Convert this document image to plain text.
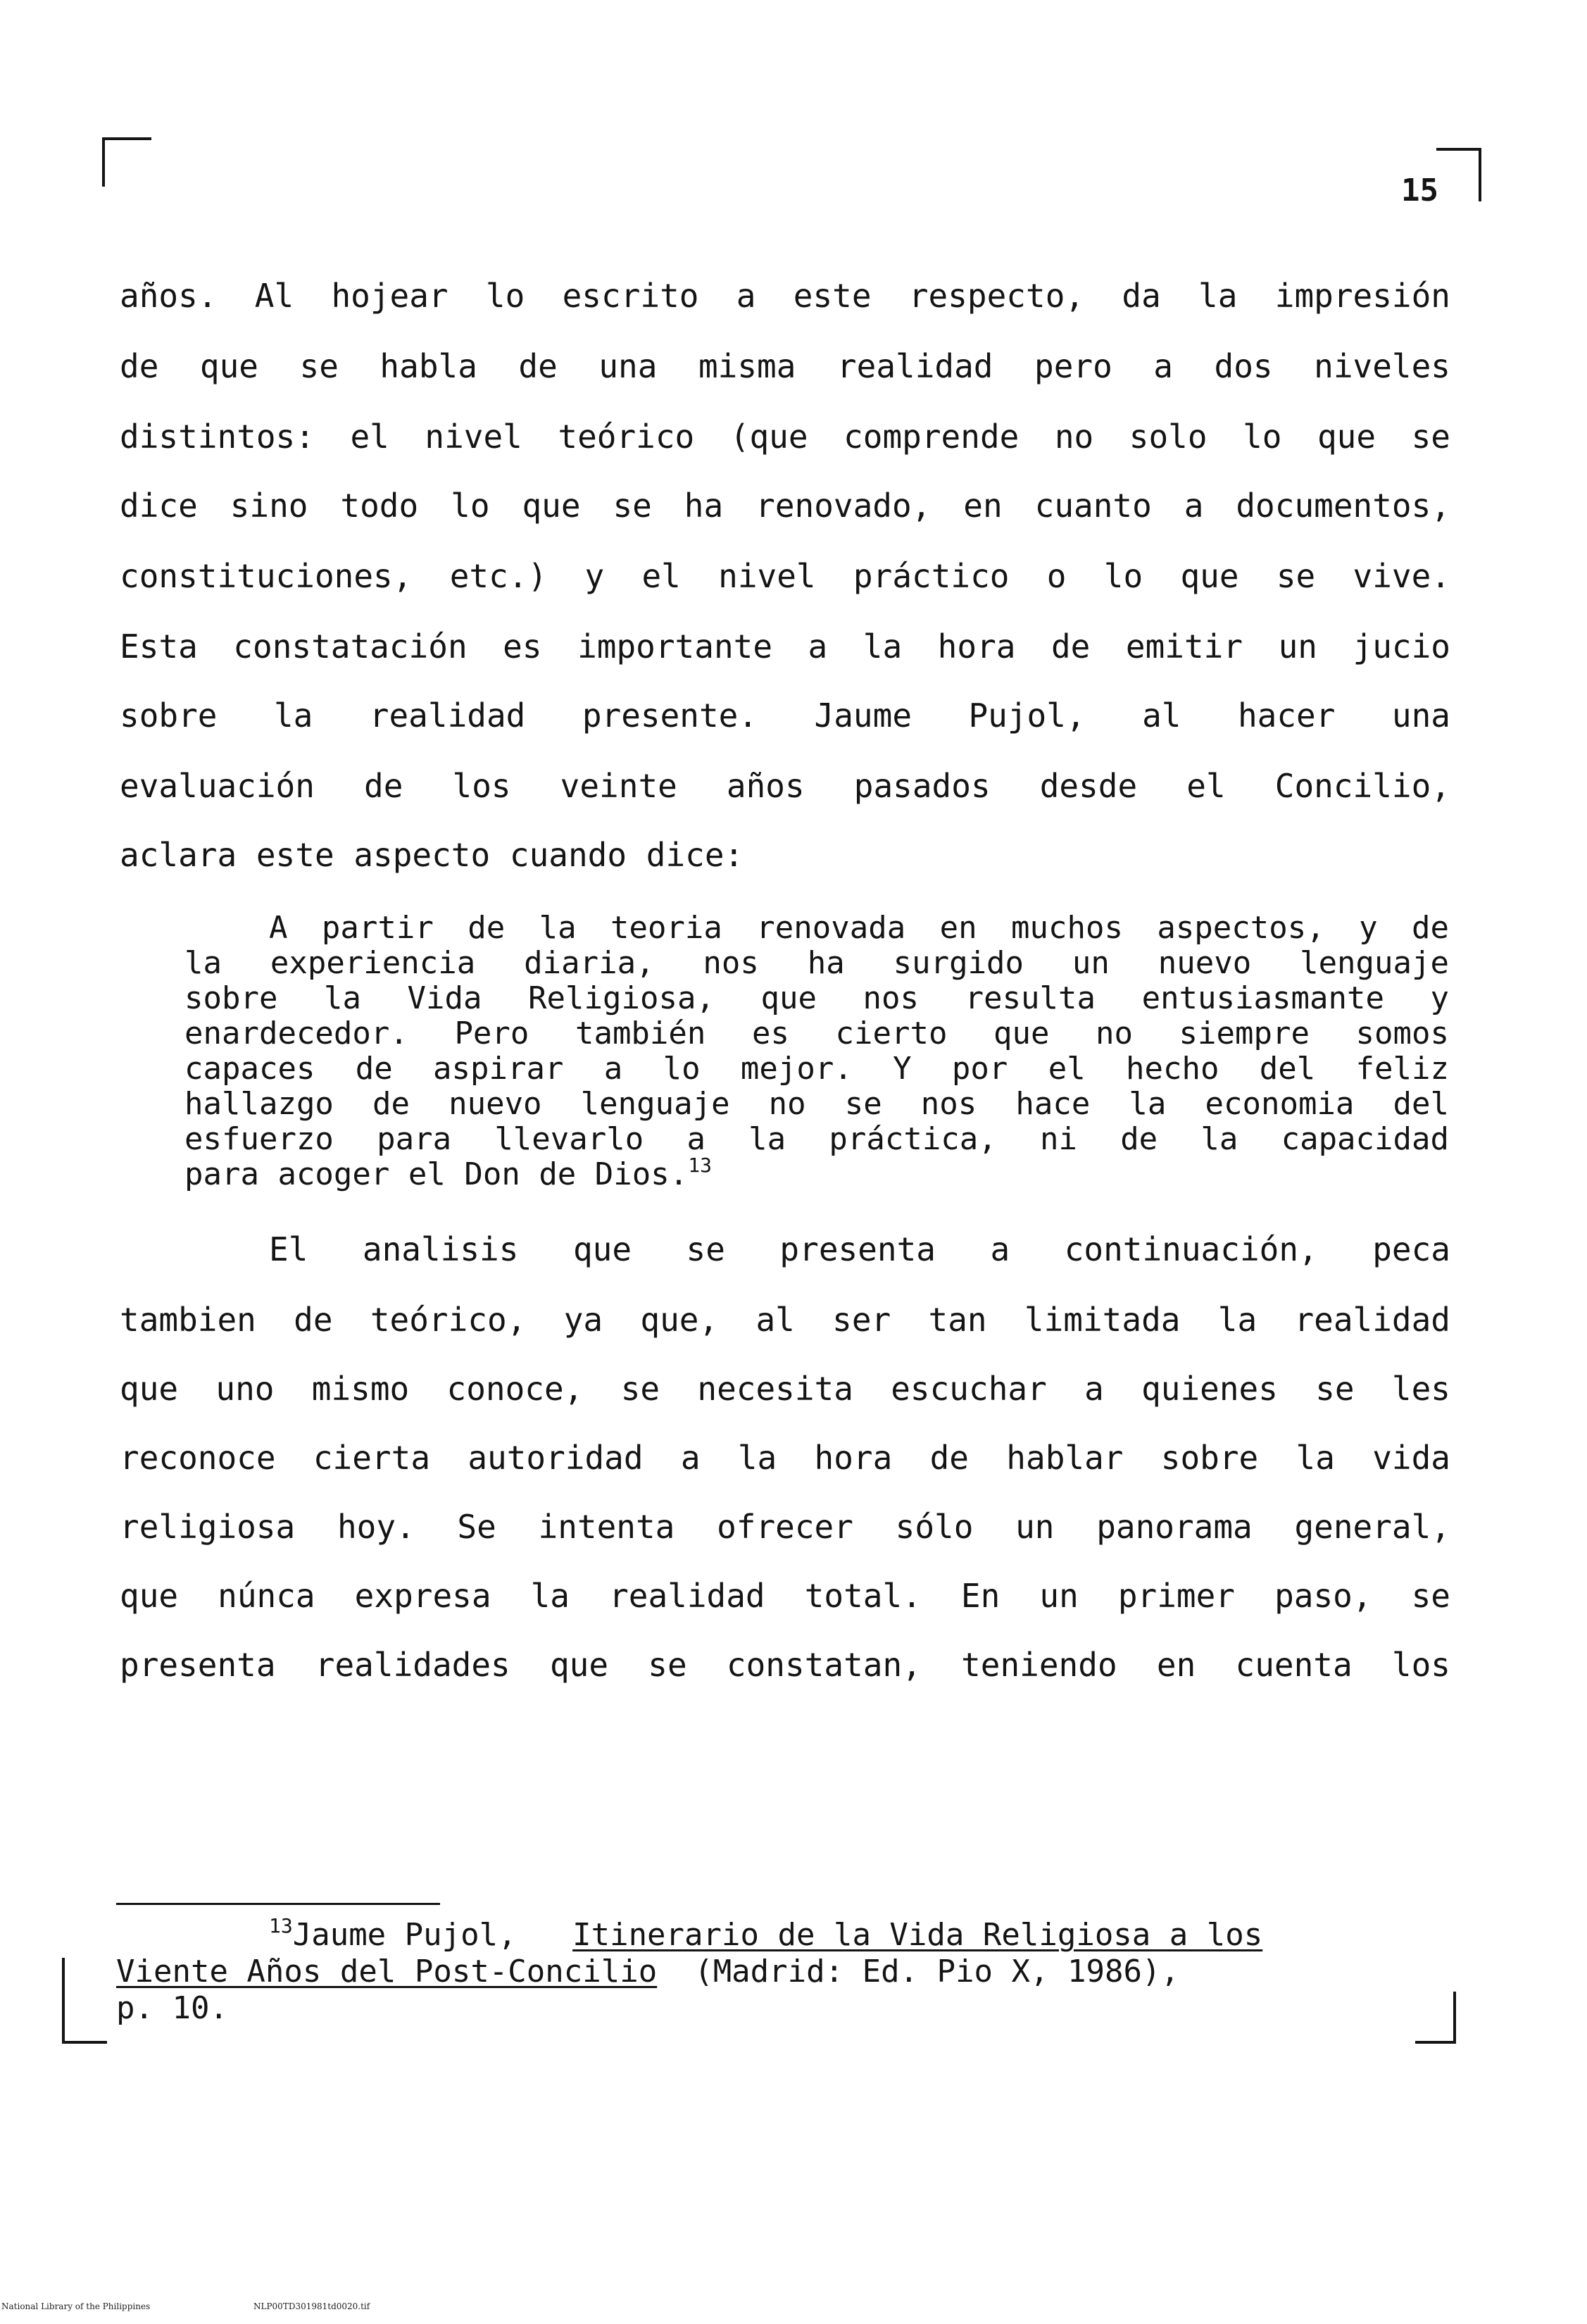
15
años. Al hojear lo escrito a este respecto, da la impresión
de que se habla de una misma realidad pero a dos niveles
distintos: el nivel teórico (que comprende no solo lo que se
dice sino todo lo que se ha renovado, en cuanto a documentos,
constituciones, etc.) y el nivel práctico o lo que se vive.
Esta constatación es importante a la hora de emitir un jucio
sobre la realidad presente. Jaume Pujol, al hacer una
evaluación de los veinte años pasados desde el Concilio,
aclara este aspecto cuando dice:
A partir de la teoria renovada en muchos aspectos, y de
la experiencia diaria, nos ha surgido un nuevo lenguaje
sobre la Vida Religiosa, que nos resulta entusiasmante y
enardecedor. Pero también es cierto que no siempre somos
capaces de aspirar a lo mejor. Y por el hecho del feliz
hallazgo de nuevo lenguaje no se nos hace la economia del
esfuerzo para llevarlo a la práctica, ni de la capacidad
para acoger el Don de Dios.$^{13}$
El analisis que se presenta a continuación, peca
tambien de teórico, ya que, al ser tan limitada la realidad
que uno mismo conoce, se necesita escuchar a quienes se les
reconoce cierta autoridad a la hora de hablar sobre la vida
religiosa hoy. Se intenta ofrecer sólo un panorama general,
que núnca expresa la realidad total. En un primer paso, se
presenta realidades que se constatan, teniendo en cuenta los
$^{13}$Jaume Pujol, Itinerario de la Vida Religiosa a los
Viente Años del Post-Concilio (Madrid: Ed. Pio X, 1986),
p. 10.
National Library of the Philippines	NLP00TD301981td0020.tif
